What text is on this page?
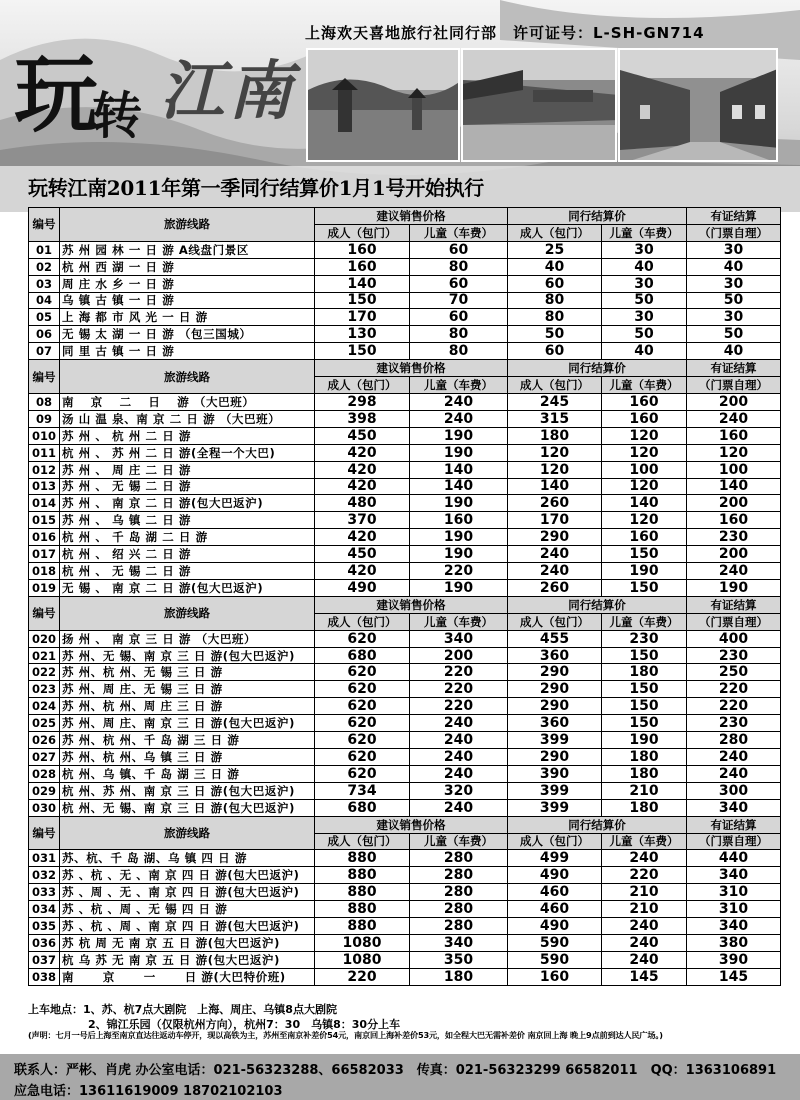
上海欢天喜地旅行社同行部　许可证号：L-SH-GN714
玩
转 江南
玩转江南2011年第一季同行结算价1月1号开始执行
编号	旅游线路	建议销售价格		同行结算价		有证结算
		成人（包门）	儿童（车费）	成人（包门）	儿童（车费）	（门票自理）
01	苏 州 园 林 一 日 游 A线盘门景区	160	60	25	30	30
02	杭 州 西 湖 一 日 游	160	80	40	40	40
03	周 庄 水 乡 一 日 游	140	60	60	30	30
04	乌 镇 古 镇 一 日 游	150	70	80	50	50
05	上 海 都 市 风 光 一 日 游	170	60	80	30	30
06	无 锡 太 湖 一 日 游 （包三国城）	130	80	50	50	50
07	同 里 古 镇 一 日 游	150	80	60	40	40
编号	旅游线路	建议销售价格		同行结算价		有证结算
		成人（包门）	儿童（车费）	成人（包门）	儿童（车费）	（门票自理）
08	南　 京　 二　 日　 游 （大巴班）	298	240	245	160	200
09	汤 山 温 泉、南 京 二 日 游 （大巴班）	398	240	315	160	240
010	苏 州 、 杭 州 二 日 游	450	190	180	120	160
011	杭 州 、 苏 州 二 日 游(全程一个大巴)	420	190	120	120	120
012	苏 州 、 周 庄 二 日 游	420	140	120	100	100
013	苏 州 、 无 锡 二 日 游	420	140	140	120	140
014	苏 州 、 南 京 二 日 游(包大巴返沪)	480	190	260	140	200
015	苏 州 、 乌 镇 二 日 游	370	160	170	120	160
016	杭 州 、 千 岛 湖 二 日 游	420	190	290	160	230
017	杭 州 、 绍 兴 二 日 游	450	190	240	150	200
018	杭 州 、 无 锡 二 日 游	420	220	240	190	240
019	无 锡 、 南 京 二 日 游(包大巴返沪)	490	190	260	150	190
编号	旅游线路	建议销售价格		同行结算价		有证结算
		成人（包门）	儿童（车费）	成人（包门）	儿童（车费）	（门票自理）
020	扬 州 、 南 京 三 日 游 （大巴班）	620	340	455	230	400
021	苏 州、无 锡、南 京 三 日 游(包大巴返沪)	680	200	360	150	230
022	苏 州、杭 州、无 锡 三 日 游	620	220	290	180	250
023	苏 州、周 庄、无 锡 三 日 游	620	220	290	150	220
024	苏 州、杭 州、周 庄 三 日 游	620	220	290	150	220
025	苏 州、周 庄、南 京 三 日 游(包大巴返沪)	620	240	360	150	230
026	苏 州、杭 州、千 岛 湖 三 日 游	620	240	399	190	280
027	苏 州、杭 州、乌 镇 三 日 游	620	240	290	180	240
028	杭 州、乌 镇、千 岛 湖 三 日 游	620	240	390	180	240
029	杭 州、苏 州、南 京 三 日 游(包大巴返沪)	734	320	399	210	300
030	杭 州、无 锡、南 京 三 日 游(包大巴返沪)	680	240	399	180	340
编号	旅游线路	建议销售价格		同行结算价		有证结算
		成人（包门）	儿童（车费）	成人（包门）	儿童（车费）	（门票自理）
031	苏、杭、千 岛 湖、乌 镇 四 日 游	880	280	499	240	440
032	苏 、杭 、无 、南 京 四 日 游(包大巴返沪)	880	280	490	220	340
033	苏 、周 、无 、南 京 四 日 游(包大巴返沪)	880	280	460	210	310
034	苏 、杭 、周 、无 锡 四 日 游	880	280	460	210	310
035	苏 、杭 、周 、南 京 四 日 游(包大巴返沪)	880	280	490	240	340
036	苏 杭 周 无 南 京 五 日 游(包大巴返沪)	1080	340	590	240	380
037	杭 乌 苏 无 南 京 五 日 游(包大巴返沪)	1080	350	590	240	390
038	南　　 京　　 一　　 日 游(大巴特价班)	220	180	160	145	145
上车地点：1、苏、杭7点大剧院　上海、周庄、乌镇8点大剧院
2、锦江乐园（仅限杭州方向），杭州7：30　乌镇8：30分上车
(声明：七月一号后上海至南京直达往返动车停开，现以高铁为主，苏州至南京补差价54元，南京回上海补差价53元，如全程大巴无需补差价 南京回上海 晚上9点前到达人民广场。)
联系人：严彬、肖虎 办公室电话：021-56323288、66582033　传真：021-56323299 66582011　QQ：1363106891
应急电话：13611619009 18702102103
